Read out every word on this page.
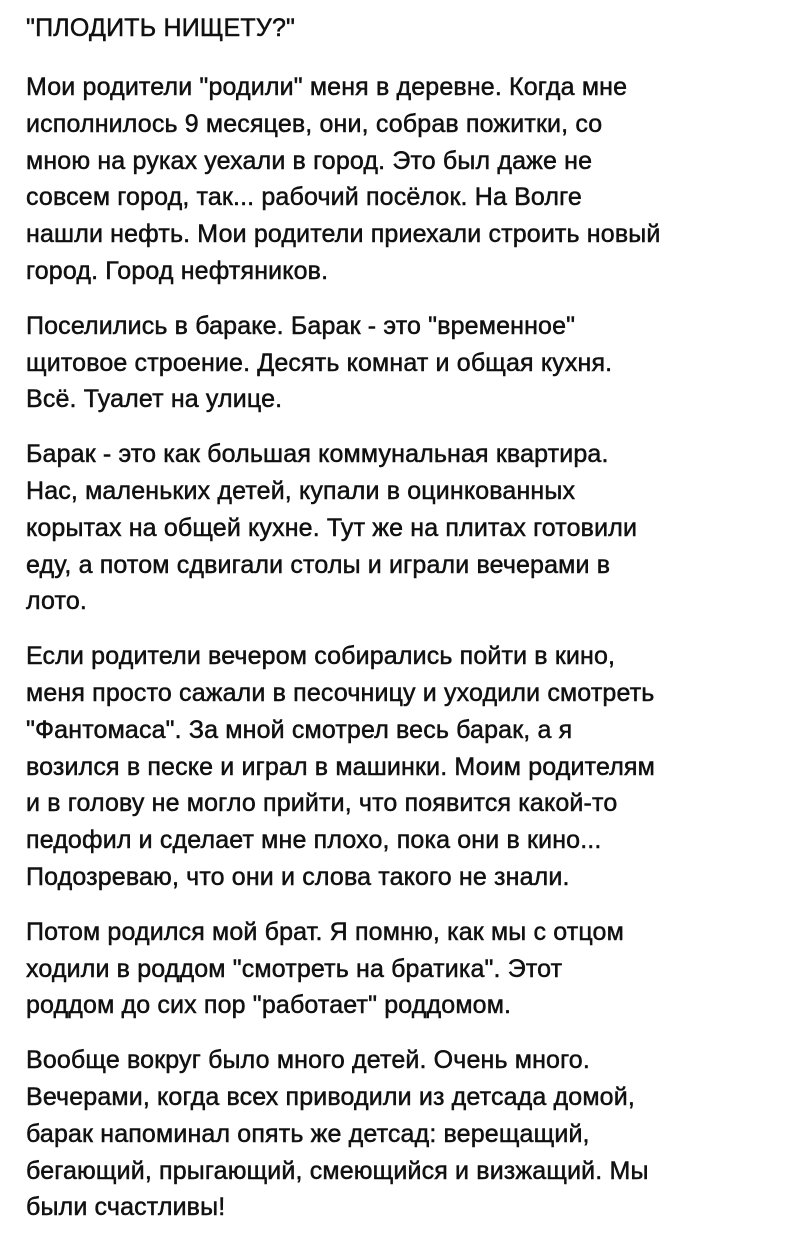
"ПЛОДИТЬ НИЩЕТУ?"

Мои родители "родили" меня в деревне. Когда мне
исполнилось 9 месяцев, они, собрав пожитки, со
мною на руках уехали в город. Это был даже не
совсем город, так... рабочий посёлок. На Волге
нашли нефть. Мои родители приехали строить новый
город. Город нефтяников.

Поселились в бараке. Барак - это "временное"
щитовое строение. Десять комнат и общая кухня.
Всё. Туалет на улице.

Барак - это как большая коммунальная квартира.
Нас, маленьких детей, купали в оцинкованных
корытах на общей кухне. Тут же на плитах готовили
еду, а потом сдвигали столы и играли вечерами в
лото.

Если родители вечером собирались пойти в кино,
меня просто сажали в песочницу и уходили смотреть
"Фантомаса". За мной смотрел весь барак, а я
возился в песке и играл в машинки. Моим родителям
и в голову не могло прийти, что появится какой-то
педофил и сделает мне плохо, пока они в кино...
Подозреваю, что они и слова такого не знали.

Потом родился мой брат. Я помню, как мы с отцом
ходили в роддом "смотреть на братика". Этот
роддом до сих пор "работает" роддомом.

Вообще вокруг было много детей. Очень много.
Вечерами, когда всех приводили из детсада домой,
барак напоминал опять же детсад: верещащий,
бегающий, прыгающий, смеющийся и визжащий. Мы
были счастливы!
